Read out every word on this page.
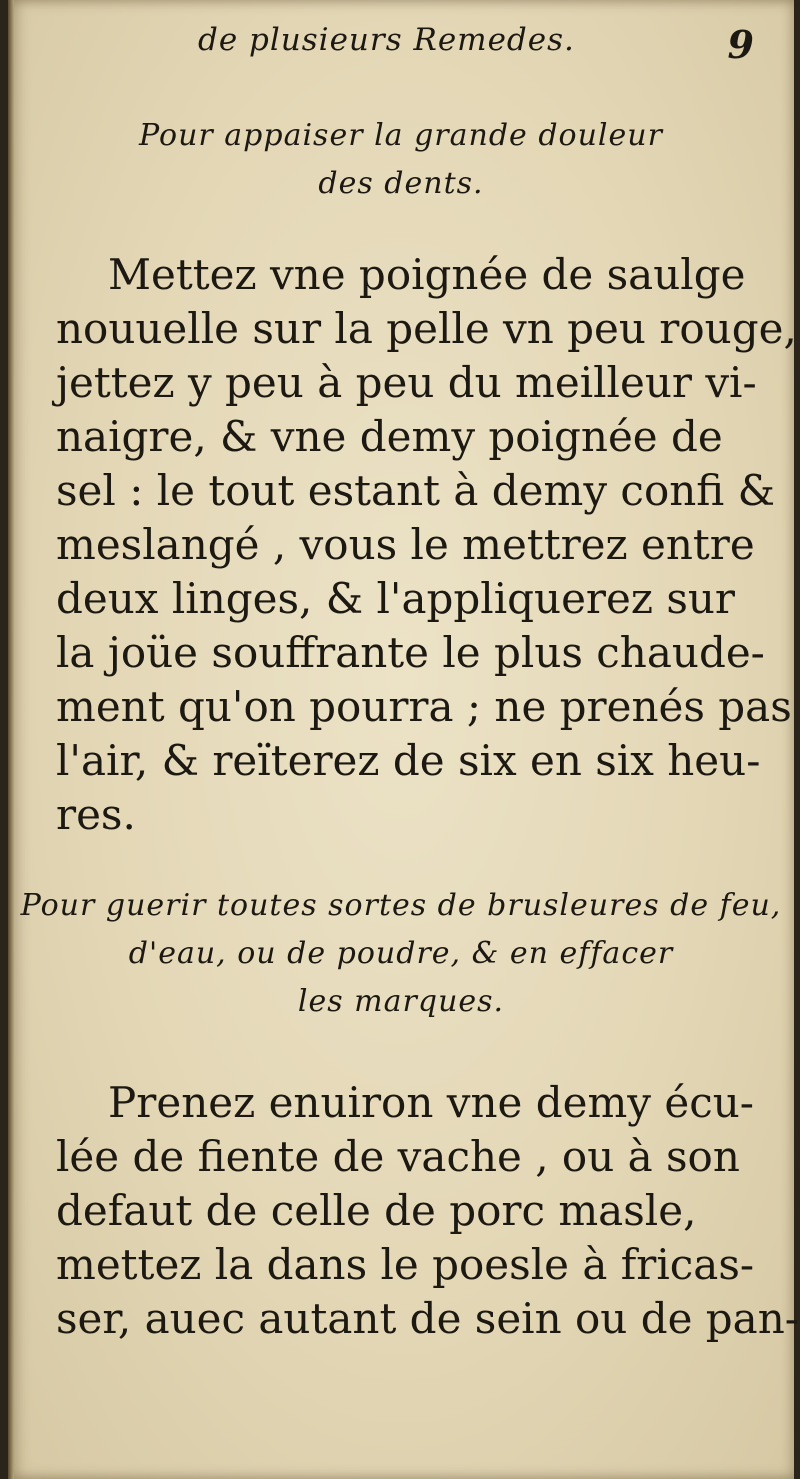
de plusieurs Remedes.	9
Pour appaiser la grande douleur
des dents.
Mettez vne poignée de saulge
nouuelle sur la pelle vn peu rouge,
jettez y peu à peu du meilleur vi-
naigre, & vne demy poignée de
sel : le tout estant à demy confi &
meslangé , vous le mettrez entre
deux linges, & l'appliquerez sur
la joüe souffrante le plus chaude-
ment qu'on pourra ; ne prenés pas
l'air, & reïterez de six en six heu-
res.
Pour guerir toutes sortes de brusleures de feu,
d'eau, ou de poudre, & en effacer
les marques.
Prenez enuiron vne demy écu-
lée de fiente de vache , ou à son
defaut de celle de porc masle,
mettez la dans le poesle à fricas-
ser, auec autant de sein ou de pan-
